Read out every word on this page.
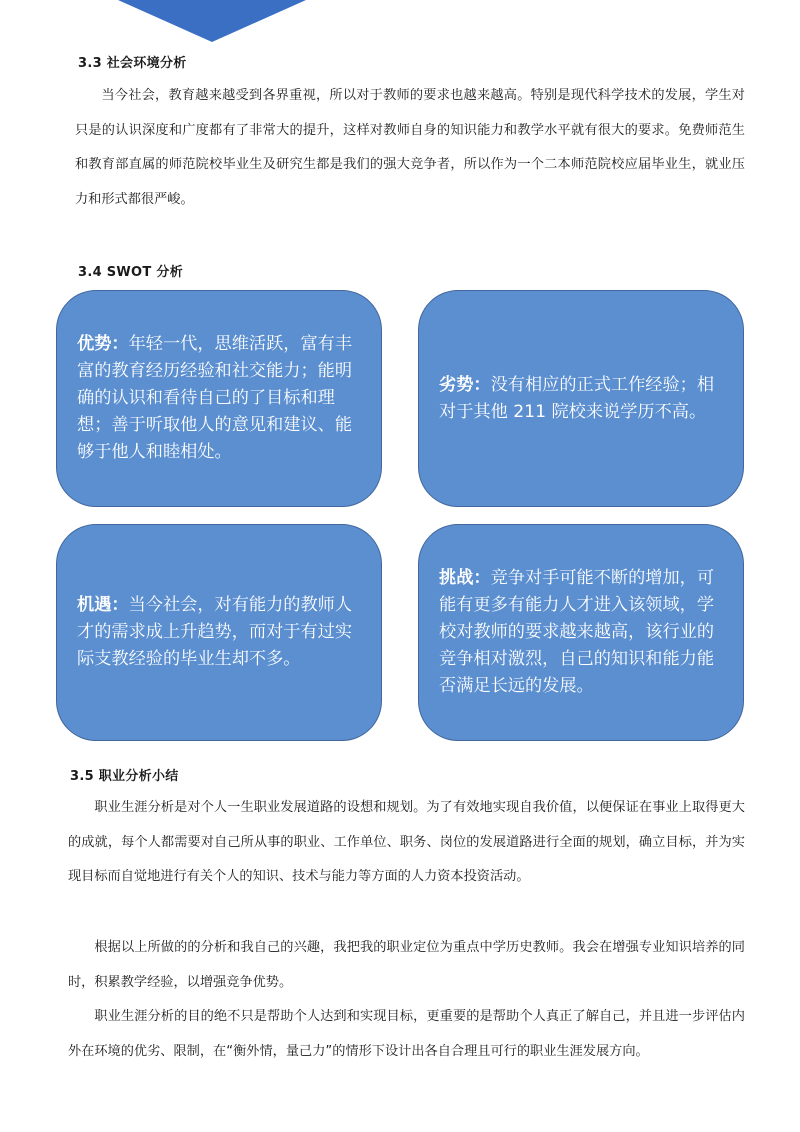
3.3 社会环境分析

当今社会，教育越来越受到各界重视，所以对于教师的要求也越来越高。特别是现代科学技术的发展，学生对只是的认识深度和广度都有了非常大的提升，这样对教师自身的知识能力和教学水平就有很大的要求。免费师范生和教育部直属的师范院校毕业生及研究生都是我们的强大竞争者，所以作为一个二本师范院校应届毕业生，就业压力和形式都很严峻。

3.4 SWOT 分析
优势：年轻一代，思维活跃，富有丰富的教育经历经验和社交能力；能明确的认识和看待自己的了目标和理想；善于听取他人的意见和建议、能够于他人和睦相处。
劣势：没有相应的正式工作经验；相对于其他 211 院校来说学历不高。
机遇：当今社会，对有能力的教师人才的需求成上升趋势，而对于有过实际支教经验的毕业生却不多。
挑战：竞争对手可能不断的增加，可能有更多有能力人才进入该领域，学校对教师的要求越来越高，该行业的竞争相对激烈，自己的知识和能力能否满足长远的发展。
3.5 职业分析小结

职业生涯分析是对个人一生职业发展道路的设想和规划。为了有效地实现自我价值，以便保证在事业上取得更大的成就，每个人都需要对自己所从事的职业、工作单位、职务、岗位的发展道路进行全面的规划，确立目标，并为实现目标而自觉地进行有关个人的知识、技术与能力等方面的人力资本投资活动。

根据以上所做的的分析和我自己的兴趣，我把我的职业定位为重点中学历史教师。我会在增强专业知识培养的同时，积累教学经验，以增强竞争优势。

职业生涯分析的目的绝不只是帮助个人达到和实现目标，更重要的是帮助个人真正了解自己，并且进一步评估内外在环境的优劣、限制，在“衡外情，量己力”的情形下设计出各自合理且可行的职业生涯发展方向。
